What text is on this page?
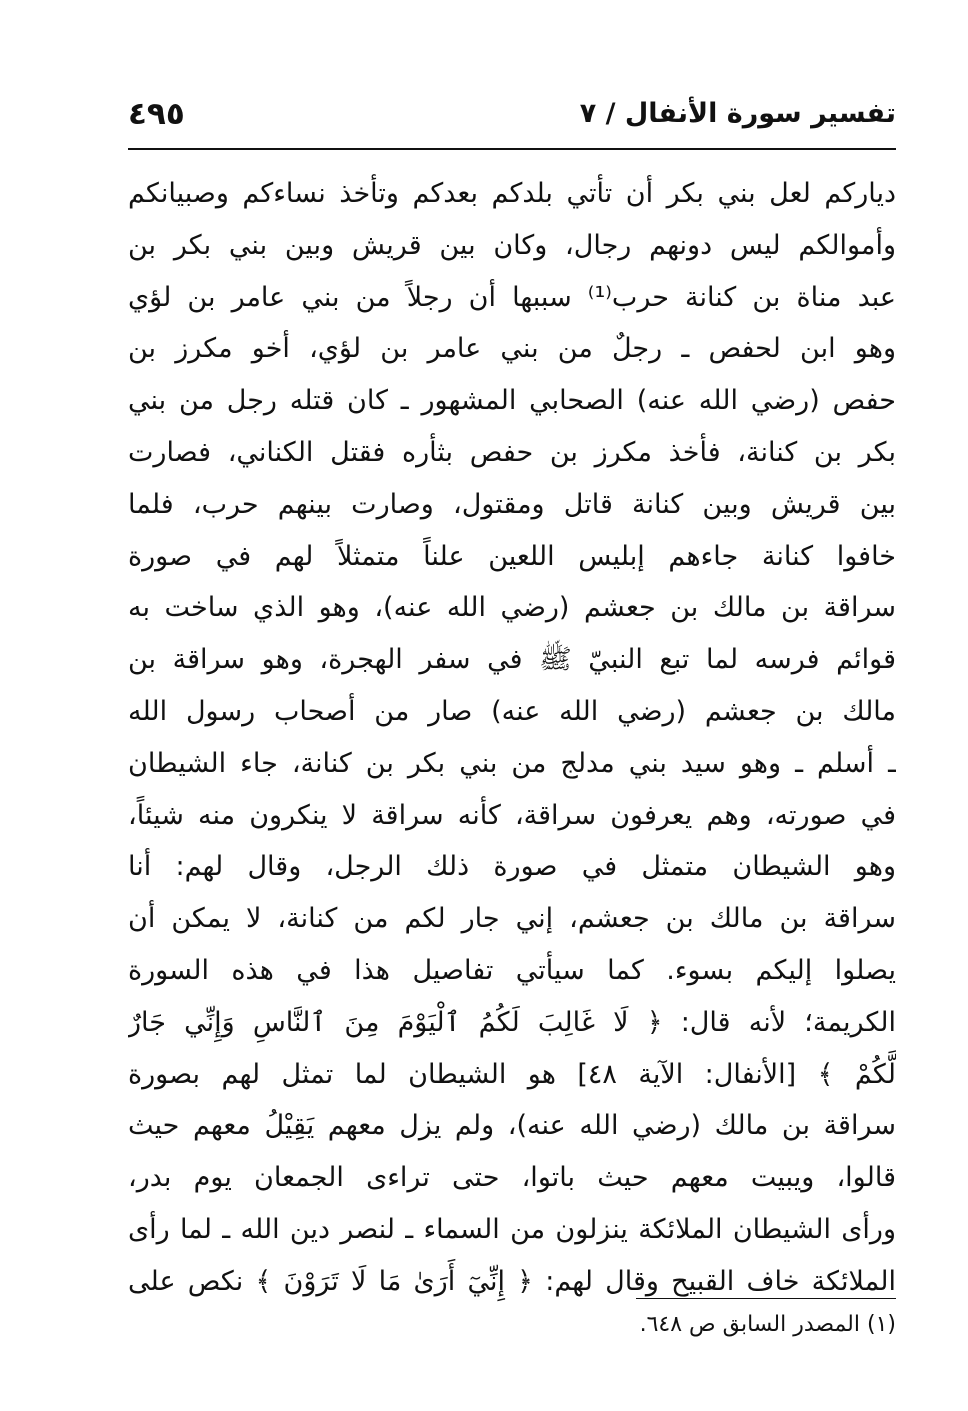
تفسير سورة الأنفال / ٧
٤٩٥
دياركم لعل بني بكر أن تأتي بلدكم بعدكم وتأخذ نساءكم وصبيانكم
وأموالكم ليس دونهم رجال، وكان بين قريش وبين بني بكر بن
عبد مناة بن كنانة حرب⁽¹⁾ سببها أن رجلاً من بني عامر بن لؤي
وهو ابن لحفص ـ رجلٌ من بني عامر بن لؤي، أخو مكرز بن
حفص (رضي الله عنه) الصحابي المشهور ـ كان قتله رجل من بني
بكر بن كنانة، فأخذ مكرز بن حفص بثأره فقتل الكناني، فصارت
بين قريش وبين كنانة قاتل ومقتول، وصارت بينهم حرب، فلما
خافوا كنانة جاءهم إبليس اللعين علناً متمثلاً لهم في صورة
سراقة بن مالك بن جعشم (رضي الله عنه)، وهو الذي ساخت به
قوائم فرسه لما تبع النبيّ ﷺ في سفر الهجرة، وهو سراقة بن
مالك بن جعشم (رضي الله عنه) صار من أصحاب رسول الله
ـ أسلم ـ وهو سيد بني مدلج من بني بكر بن كنانة، جاء الشيطان
في صورته، وهم يعرفون سراقة، كأنه سراقة لا ينكرون منه شيئاً،
وهو الشيطان متمثل في صورة ذلك الرجل، وقال لهم: أنا
سراقة بن مالك بن جعشم، إني جار لكم من كنانة، لا يمكن أن
يصلوا إليكم بسوء. كما سيأتي تفاصيل هذا في هذه السورة
الكريمة؛ لأنه قال: ﴿ لَا غَالِبَ لَكُمُ ٱلْيَوْمَ مِنَ ٱلنَّاسِ وَإِنِّي جَارٌ
لَّكُمْ ﴾ [الأنفال: الآية ٤٨] هو الشيطان لما تمثل لهم بصورة
سراقة بن مالك (رضي الله عنه)، ولم يزل معهم يَقِيْلُ معهم حيث
قالوا، ويبيت معهم حيث باتوا، حتى تراءى الجمعان يوم بدر،
ورأى الشيطان الملائكة ينزلون من السماء ـ لنصر دين الله ـ لما رأى
الملائكة خاف القبيح وقال لهم: ﴿ إِنِّيٓ أَرَىٰ مَا لَا تَرَوْنَ ﴾ نكص على
(١) المصدر السابق ص ٦٤٨.
